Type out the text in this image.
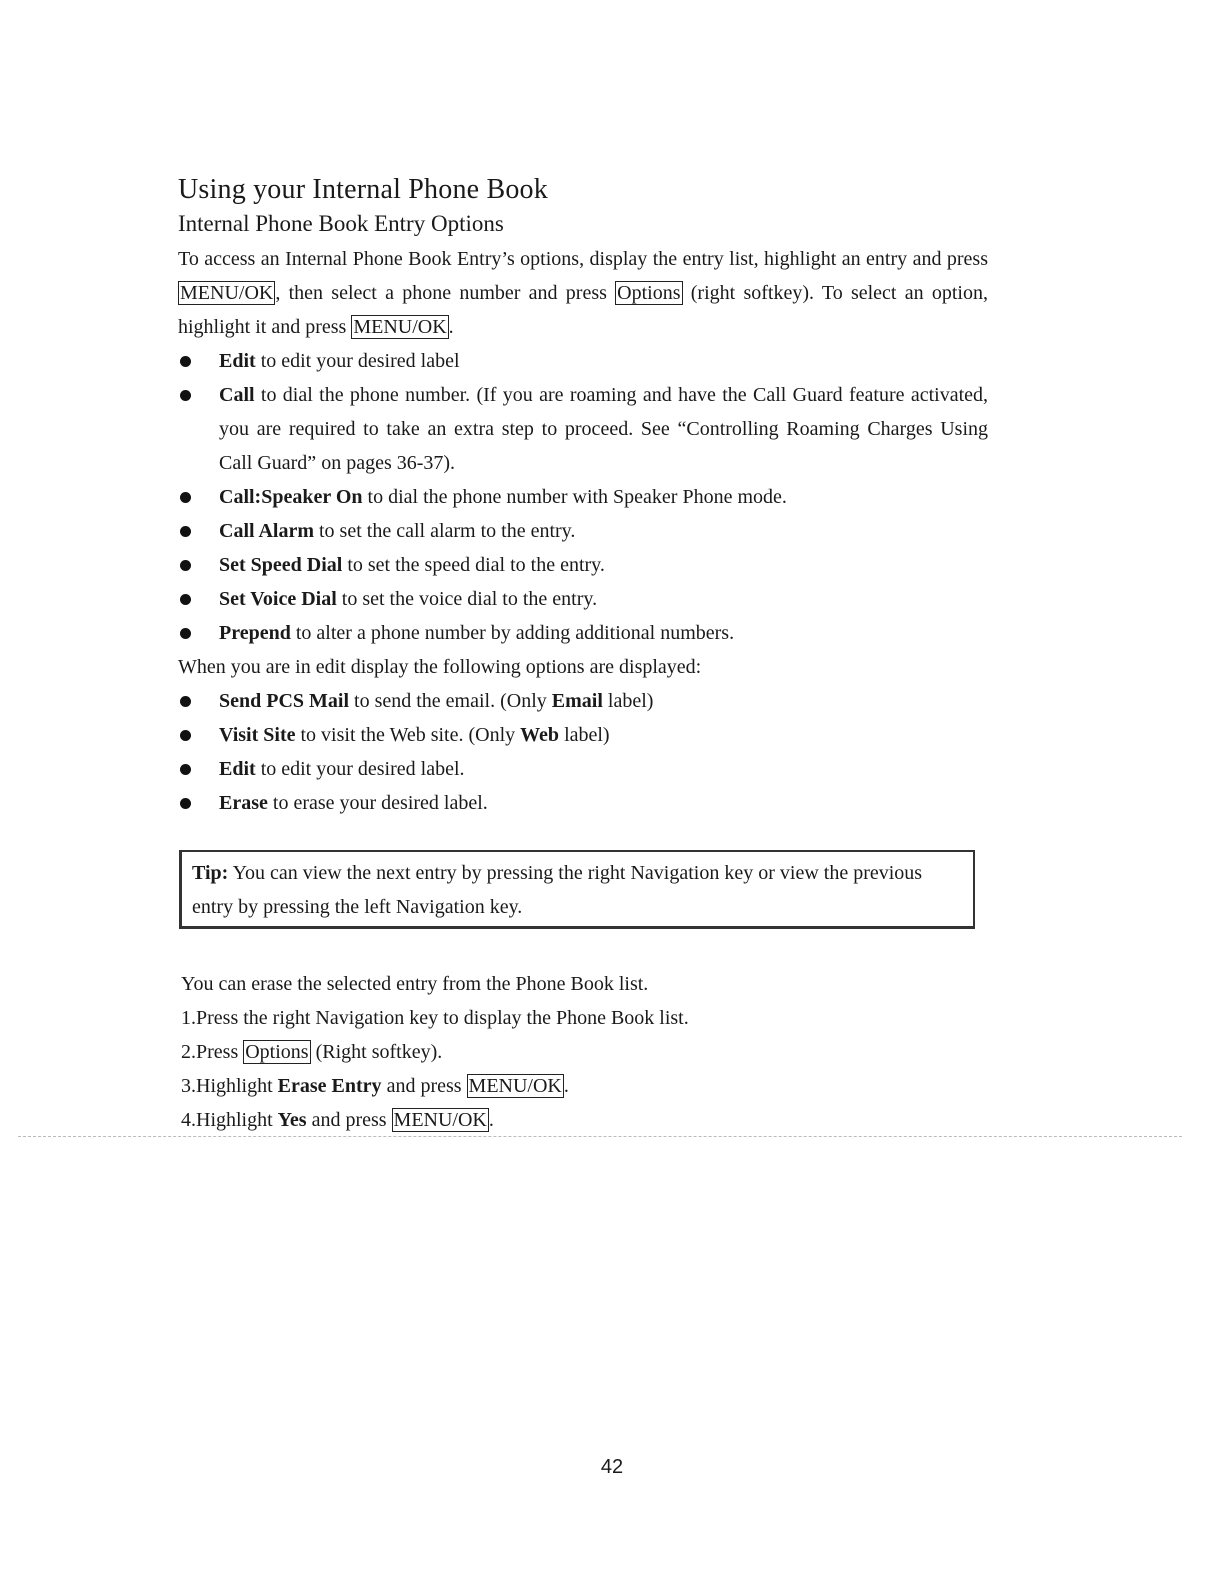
Using your Internal Phone Book
Internal Phone Book Entry Options

To access an Internal Phone Book Entry’s options, display the entry list, highlight an entry and press MENU/OK , then select a phone number and press Options (right softkey). To select an option, highlight it and press MENU/OK .

Edit to edit your desired label
Call to dial the phone number. (If you are roaming and have the Call Guard feature activated, you are required to take an extra step to proceed. See “Controlling Roaming Charges Using Call Guard” on pages 36-37).
Call:Speaker On to dial the phone number with Speaker Phone mode.
Call Alarm to set the call alarm to the entry.
Set Speed Dial to set the speed dial to the entry.
Set Voice Dial to set the voice dial to the entry.
Prepend to alter a phone number by adding additional numbers.

When you are in edit display the following options are displayed:

Send PCS Mail to send the email. (Only Email label)
Visit Site to visit the Web site. (Only Web label)
Edit to edit your desired label.
Erase to erase your desired label.

Tip: You can view the next entry by pressing the right Navigation key or view the previous entry by pressing the left Navigation key.

You can erase the selected entry from the Phone Book list.

1.Press the right Navigation key to display the Phone Book list.

2.Press Options (Right softkey).

3.Highlight Erase Entry and press MENU/OK .

4.Highlight Yes and press MENU/OK .

42
